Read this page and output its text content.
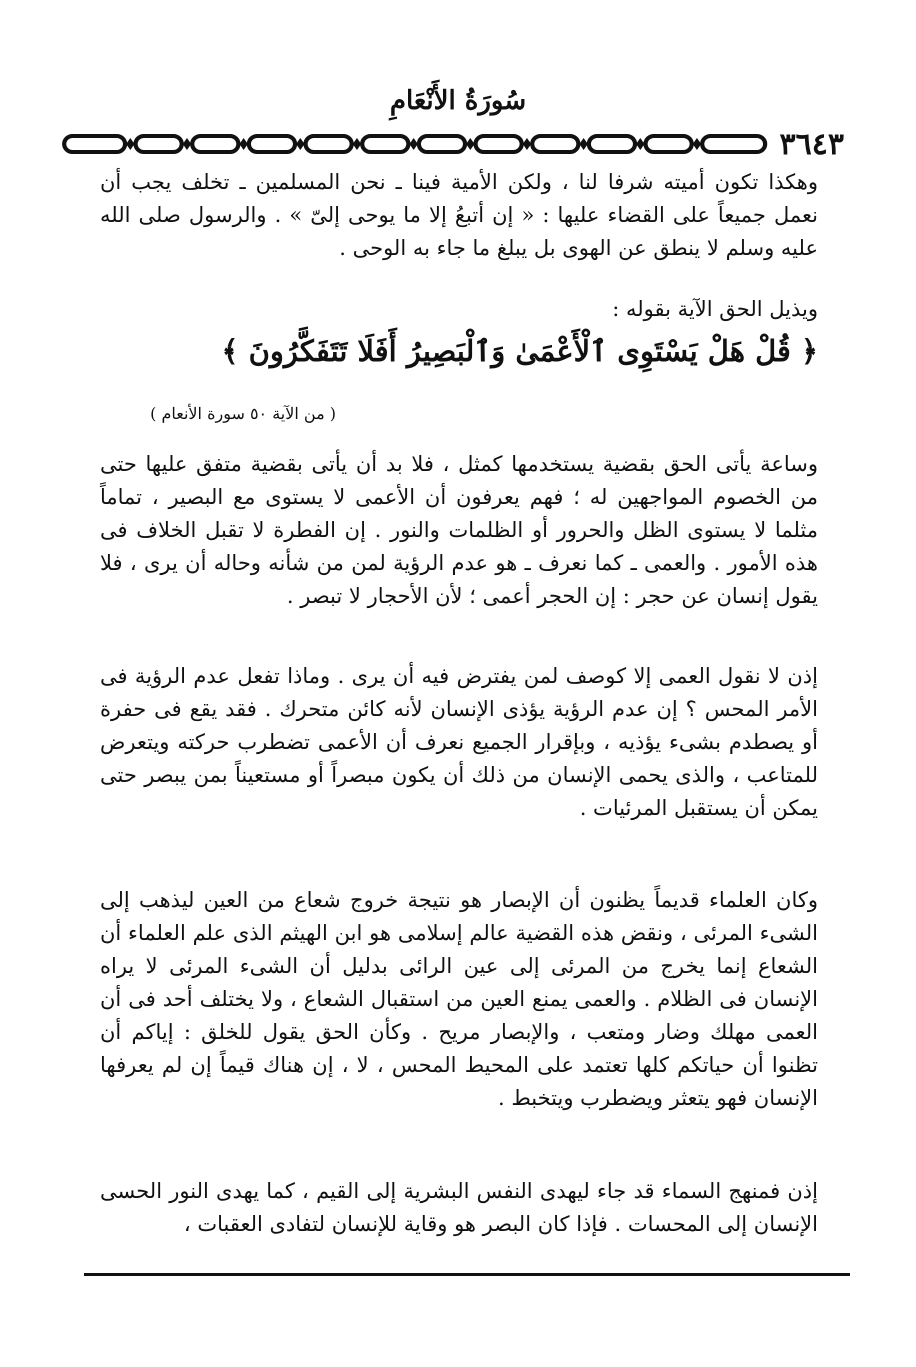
سُورَةُ الأَنْعَامِ
٣٦٤٣

وهكذا تكون أميته شرفا لنا ، ولكن الأمية فينا ـ نحن المسلمين ـ تخلف يجب أن نعمل جميعاً على القضاء عليها : « إن أتبعُ إلا ما يوحى إلىّ » . والرسول صلى الله عليه وسلم لا ينطق عن الهوى بل يبلغ ما جاء به الوحى .

ويذيل الحق الآية بقوله :

﴿ قُلْ هَلْ يَسْتَوِى ٱلْأَعْمَىٰ وَٱلْبَصِيرُ أَفَلَا تَتَفَكَّرُونَ ﴾
( من الآية ٥٠ سورة الأنعام )

وساعة يأتى الحق بقضية يستخدمها كمثل ، فلا بد أن يأتى بقضية متفق عليها حتى من الخصوم المواجهين له ؛ فهم يعرفون أن الأعمى لا يستوى مع البصير ، تماماً مثلما لا يستوى الظل والحرور أو الظلمات والنور . إن الفطرة لا تقبل الخلاف فى هذه الأمور . والعمى ـ كما نعرف ـ هو عدم الرؤية لمن من شأنه وحاله أن يرى ، فلا يقول إنسان عن حجر : إن الحجر أعمى ؛ لأن الأحجار لا تبصر .

إذن لا نقول العمى إلا كوصف لمن يفترض فيه أن يرى . وماذا تفعل عدم الرؤية فى الأمر المحس ؟ إن عدم الرؤية يؤذى الإنسان لأنه كائن متحرك . فقد يقع فى حفرة أو يصطدم بشىء يؤذيه ، وبإقرار الجميع نعرف أن الأعمى تضطرب حركته ويتعرض للمتاعب ، والذى يحمى الإنسان من ذلك أن يكون مبصراً أو مستعيناً بمن يبصر حتى يمكن أن يستقبل المرئيات .

وكان العلماء قديماً يظنون أن الإبصار هو نتيجة خروج شعاع من العين ليذهب إلى الشىء المرئى ، ونقض هذه القضية عالم إسلامى هو ابن الهيثم الذى علم العلماء أن الشعاع إنما يخرج من المرئى إلى عين الرائى بدليل أن الشىء المرئى لا يراه الإنسان فى الظلام . والعمى يمنع العين من استقبال الشعاع ، ولا يختلف أحد فى أن العمى مهلك وضار ومتعب ، والإبصار مريح . وكأن الحق يقول للخلق : إياكم أن تظنوا أن حياتكم كلها تعتمد على المحيط المحس ، لا ، إن هناك قيماً إن لم يعرفها الإنسان فهو يتعثر ويضطرب ويتخبط .

إذن فمنهج السماء قد جاء ليهدى النفس البشرية إلى القيم ، كما يهدى النور الحسى الإنسان إلى المحسات . فإذا كان البصر هو وقاية للإنسان لتفادى العقبات ،
